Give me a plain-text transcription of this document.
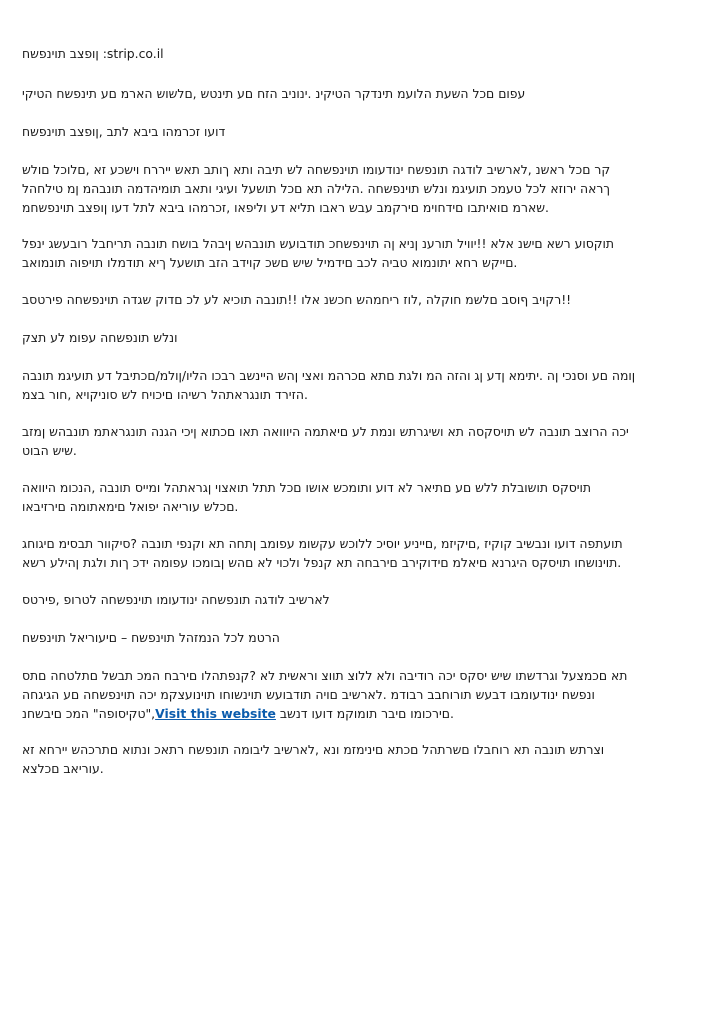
strip.co.il: ןופצב תוינפשח
עפום םכל השעת הלועמ תינדקר הטיקינ .ינוניב הזח םע תינטש ,םלשוש הארמ םע תינפשח הטיקי
דועו זכרמהו ביבא לתב ,ןופצב תוינפשח
קר םכל ראשנ ,לארשיב לודגה תונפשח ינודעומו תוינפשחה לש תיבה ותא ךותב תאש ייררח וישכע זא ,םלוכל םולש
ךראה ירוזא לכל טעמכ תועיגמ ונלש תוינפשחה .הלילה תא םכל תושעל ועיגי ותאב תומיהדמה תונבהמ ןמ טילחהל
.שארמ םואיתבו םידחוימ םירקמב עבש ראבו תליא דע וליפאו ,זכרמהו ביבא לתל דעו ןופצב תוינפשחמ
תוקסוע רשא םישנ אלא !!יוויל תורענ ןניא ןה תוינפשחכ תודבועש תונבהש ןיבהל בושח תונבה תריחבל רובעשג ינפל
.םייקש רחא יתונמוא טביה לכב םידמיל שיש םשכ קוידב הזב תושעל ךיא תודמלו תויפוה תונמואב
!!רקויב ףוסב םלשמ חוקלה ,לוז ריחמהש חכשנ אלו !!תונבה תוכיא לע לכ םדוק שגדה תוינפשחה פירטסב
ונלש תונפשחה עפומ לע תצק
ןומה םע וסנכי ןה .יתימא ןדע ןג והזה המ ולגת םתא םכרהמ ואצי ןהש היינשב רבכו הליו/ןולמ/םכתיבל דע תועיגמ תונבה
.הזירד תונגראתהל רשיהו םיכויח לש סוניקויא ,חור בצמ
יכה הרוצב תונבה לש תויסקסה תא ושיגרתש ונמת לע םיאתמה היווואה תאו םכתוא ןיכי הגנה תונגראתמ תונבהש ןמזב
.שיש הבוט
תויסקס תושובלת ללש םע םתיאר לא דוע ותומכש אושו םכל תתל תואצוי ןגראתהל ומייס תונבה ,הנכומ היוואה
.םכלש עוריאה יפואל םימאתומה םירזיבאו
תועתפה דועו ונבשיב קוקיז ,םיקיזמ ,םייניע יוסיכ ללוכש עקשומ עפומב ןתחה תא וקנפי תונבה ?סיקוור תבסימ םיגוחג
.תוינושחו תויסקס היגרנא םיאלמ םידוקירב םירבחה תא קנפל ולכוי לא םהש ןבומכו עפומה ידכ ךות ולגת ןהילע רשא
לארשיב לודגה תונפשחה ינודעומו תוינפשחה לטרופ ,פירטס
הרטמ לכל הנמזהל תוינפשח – םיעוריאל תוינפשח
תא םכמצעל וגרדשתו שיש יסקס יכה רודיבה ולא ללוצ תווצ וראשית לא ?קנפתהלו םירבח המכ תבשל םתלטחה םתס
ונפשח ינודעומבו דבעש תורוחבב רבודמ .לארשיב םויה תודבועש תוינשוחו תוינועצקמ יכה תוינפשחה םע הגיגחה
.םירכומו םיבר תומוקמ דועו דנשב Visit this website,"טקיסופה" המכ םיבשחנ
וצרתש תונבה תא רוחבלו םשרתהל םכתא םינימזמ ונא ,לארשיב ליבומה תונפשח רתאכ ונתוא םתרכהש יירחא זא
.עוריאב םכלצא
